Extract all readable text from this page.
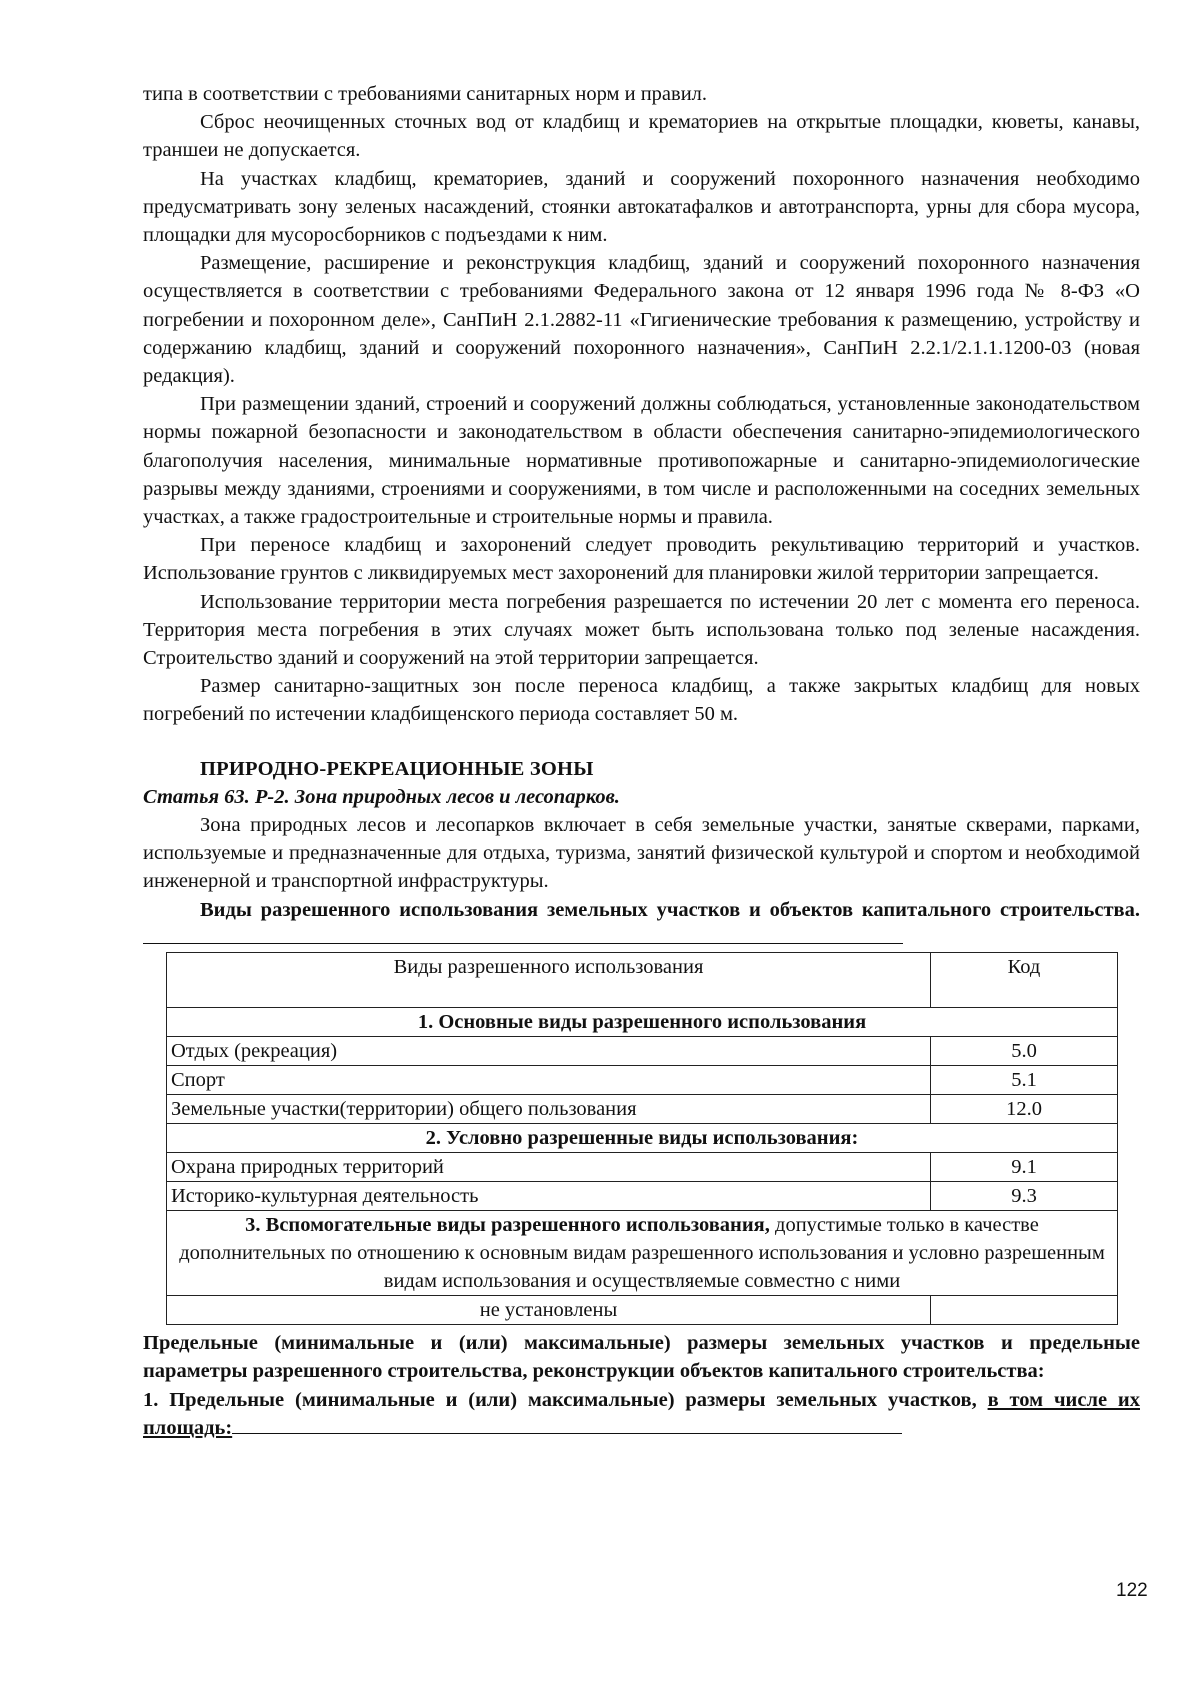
типа в соответствии с требованиями санитарных норм и правил.

Сброс неочищенных сточных вод от кладбищ и крематориев на открытые площадки, кюветы, канавы, траншеи не допускается.

На участках кладбищ, крематориев, зданий и сооружений похоронного назначения необходимо предусматривать зону зеленых насаждений, стоянки автокатафалков и автотранспорта, урны для сбора мусора, площадки для мусоросборников с подъездами к ним.

Размещение, расширение и реконструкция кладбищ, зданий и сооружений похоронного назначения осуществляется в соответствии с требованиями Федерального закона от 12 января 1996 года № 8-ФЗ «О погребении и похоронном деле», СанПиН 2.1.2882-11 «Гигиенические требования к размещению, устройству и содержанию кладбищ, зданий и сооружений похоронного назначения», СанПиН 2.2.1/2.1.1.1200-03 (новая редакция).

При размещении зданий, строений и сооружений должны соблюдаться, установленные законодательством нормы пожарной безопасности и законодательством в области обеспечения санитарно-эпидемиологического благополучия населения, минимальные нормативные противопожарные и санитарно-эпидемиологические разрывы между зданиями, строениями и сооружениями, в том числе и расположенными на соседних земельных участках, а также градостроительные и строительные нормы и правила.

При переносе кладбищ и захоронений следует проводить рекультивацию территорий и участков. Использование грунтов с ликвидируемых мест захоронений для планировки жилой территории запрещается.

Использование территории места погребения разрешается по истечении 20 лет с момента его переноса. Территория места погребения в этих случаях может быть использована только под зеленые насаждения. Строительство зданий и сооружений на этой территории запрещается.

Размер санитарно-защитных зон после переноса кладбищ, а также закрытых кладбищ для новых погребений по истечении кладбищенского периода составляет 50 м.

ПРИРОДНО-РЕКРЕАЦИОННЫЕ ЗОНЫ

Статья 63. Р-2. Зона природных лесов и лесопарков.

Зона природных лесов и лесопарков включает в себя земельные участки, занятые скверами, парками, используемые и предназначенные для отдыха, туризма, занятий физической культурой и спортом и необходимой инженерной и транспортной инфраструктуры.

Виды разрешенного использования земельных участков и объектов капитального строительства.

Виды разрешенного использования	Код
1. Основные виды разрешенного использования	
Отдых (рекреация)	5.0
Спорт	5.1
Земельные участки(территории) общего пользования	12.0
2. Условно разрешенные виды использования:	
Охрана природных территорий	9.1
Историко-культурная деятельность	9.3
3. Вспомогательные виды разрешенного использования, допустимые только в качестве дополнительных по отношению к основным видам разрешенного использования и условно разрешенным видам использования и осуществляемые совместно с ними	
не установлены	

Предельные (минимальные и (или) максимальные) размеры земельных участков и предельные параметры разрешенного строительства, реконструкции объектов капитального строительства:

1. Предельные (минимальные и (или) максимальные) размеры земельных участков, в том числе их площадь:

122
